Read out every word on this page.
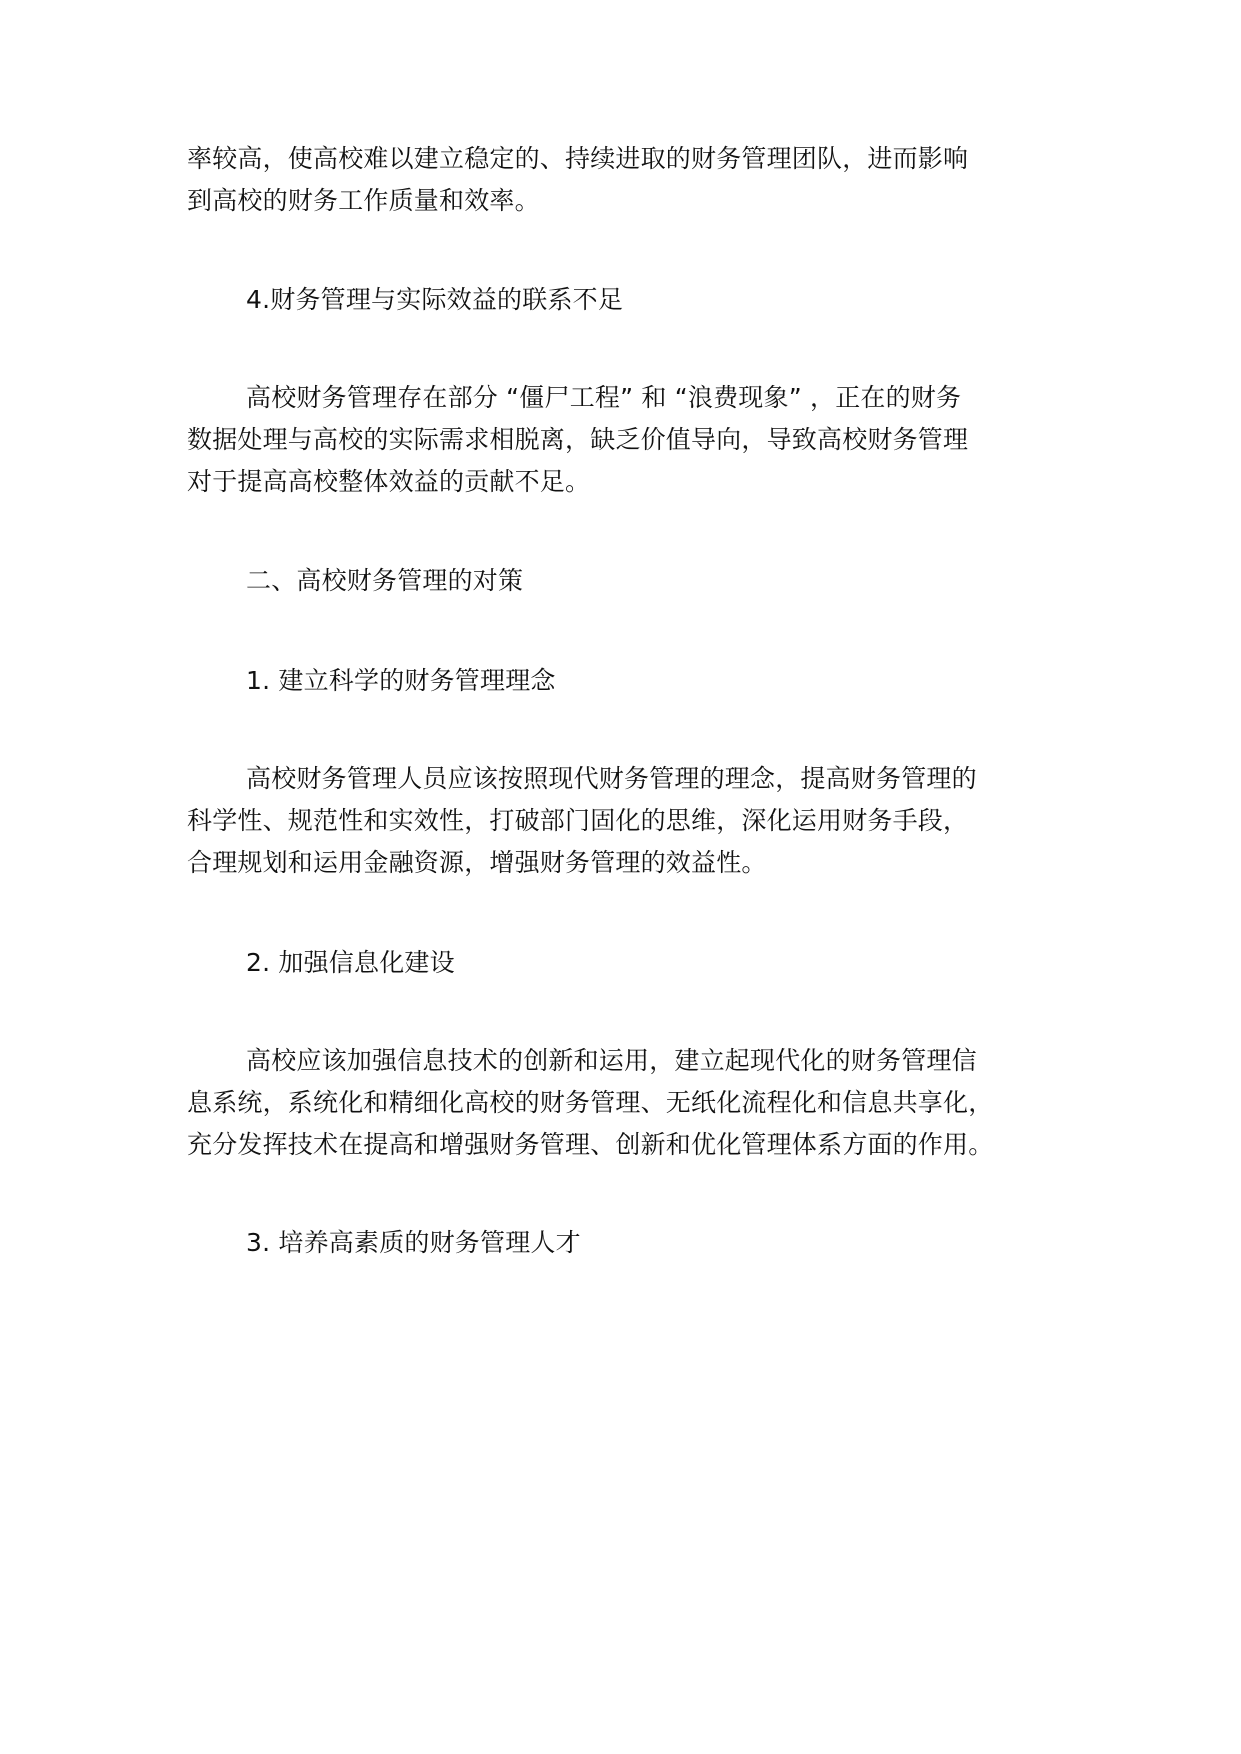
率较高，使高校难以建立稳定的、持续进取的财务管理团队，进而影响
到高校的财务工作质量和效率。
4.财务管理与实际效益的联系不足
高校财务管理存在部分 “僵尸工程” 和 “浪费现象” ，正在的财务
数据处理与高校的实际需求相脱离，缺乏价值导向，导致高校财务管理
对于提高高校整体效益的贡献不足。
二、高校财务管理的对策
1. 建立科学的财务管理理念
高校财务管理人员应该按照现代财务管理的理念，提高财务管理的
科学性、规范性和实效性，打破部门固化的思维，深化运用财务手段，
合理规划和运用金融资源，增强财务管理的效益性。
2. 加强信息化建设
高校应该加强信息技术的创新和运用，建立起现代化的财务管理信
息系统，系统化和精细化高校的财务管理、无纸化流程化和信息共享化，
充分发挥技术在提高和增强财务管理、创新和优化管理体系方面的作用。
3. 培养高素质的财务管理人才
